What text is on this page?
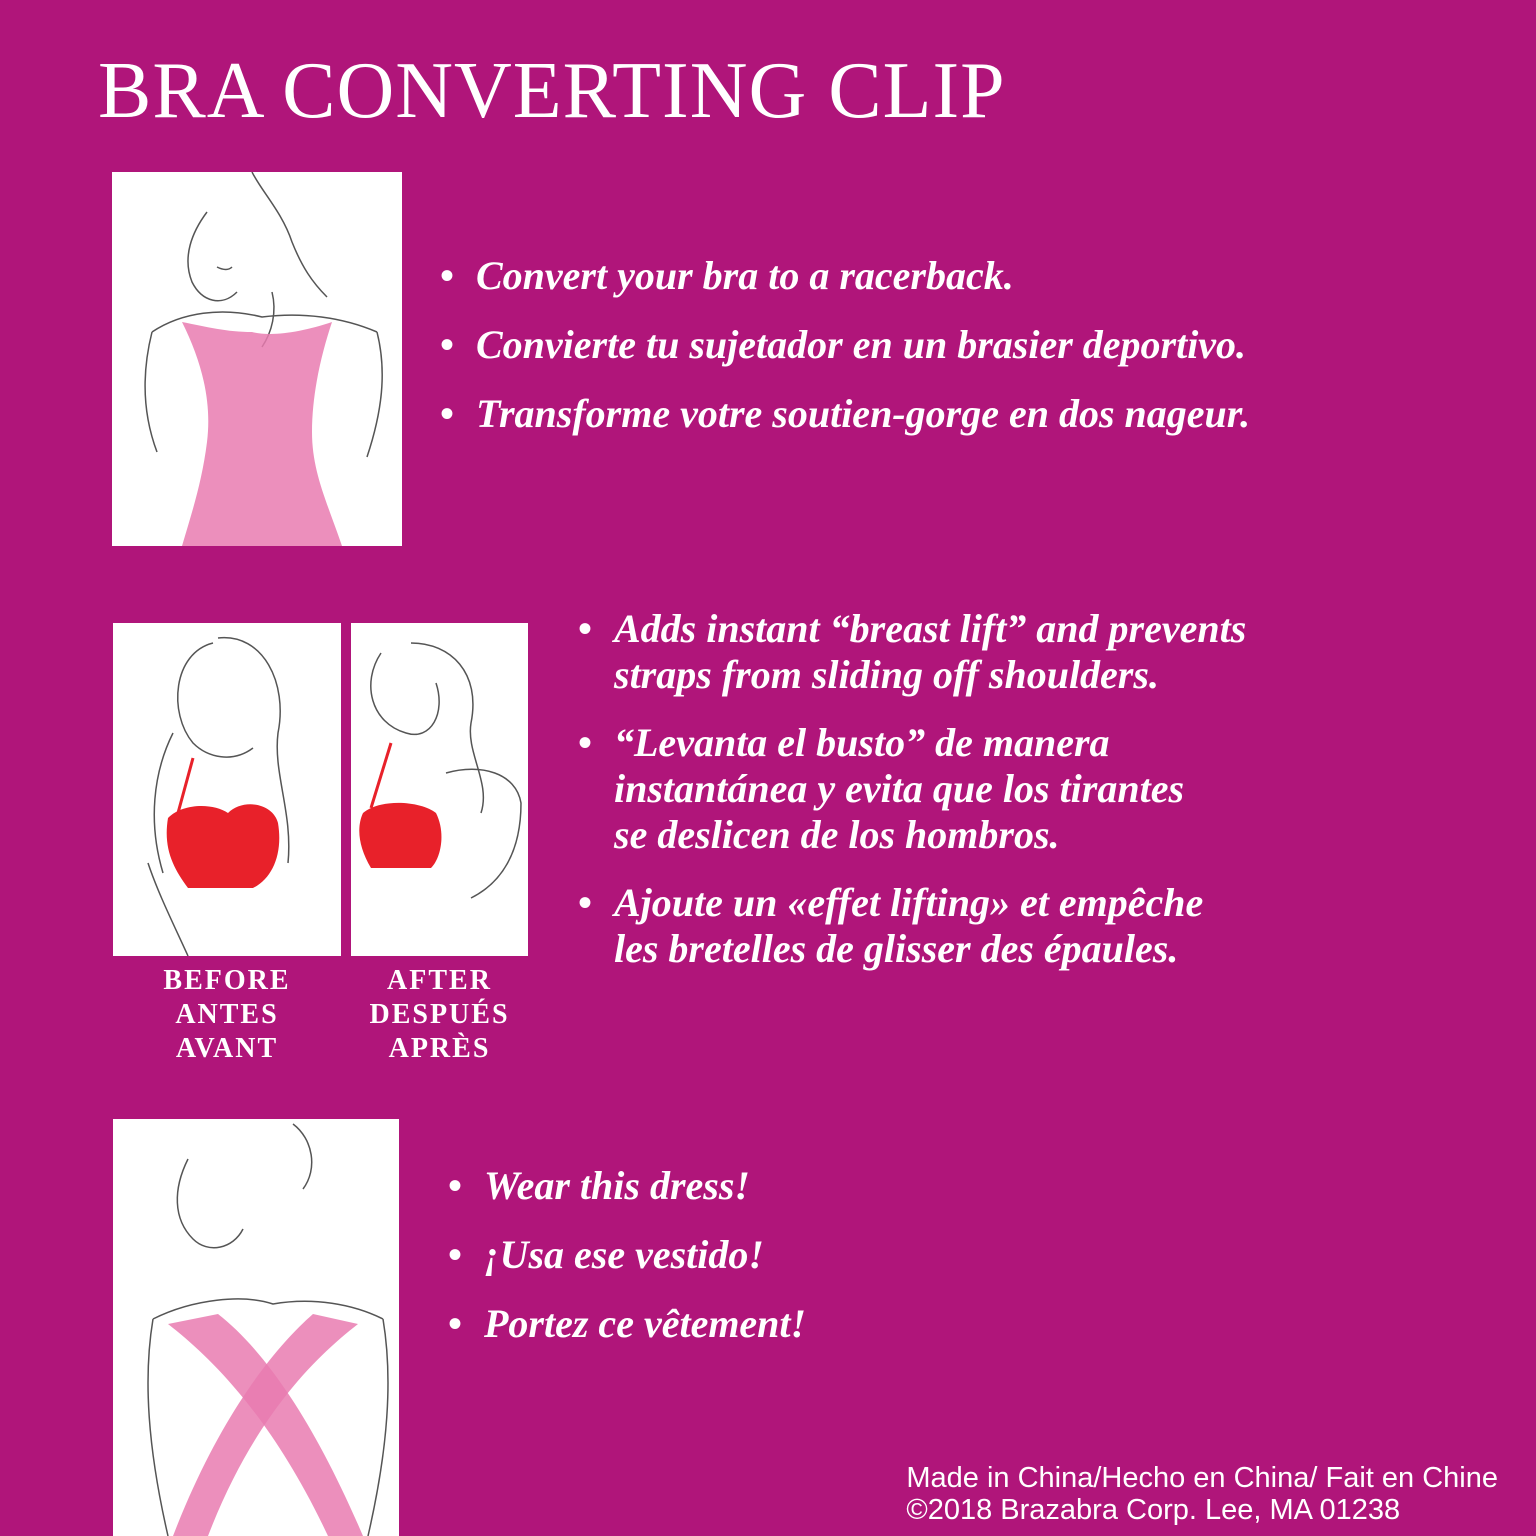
BRA CONVERTING CLIP
• Convert your bra to a racerback.
• Convierte tu sujetador en un brasier deportivo.
• Transforme votre soutien-gorge en dos nageur.
BEFORE
ANTES
AVANT
AFTER
DESPUÉS
APRÈS
• Adds instant “breast lift” and prevents
straps from sliding off shoulders.
• “Levanta el busto” de manera
instantánea y evita que los tirantes
se deslicen de los hombros.
• Ajoute un «effet lifting» et empêche
les bretelles de glisser des épaules.
• Wear this dress!
• ¡Usa ese vestido!
• Portez ce vêtement!
Made in China/Hecho en China/ Fait en Chine
©2018 Brazabra Corp. Lee, MA 01238
